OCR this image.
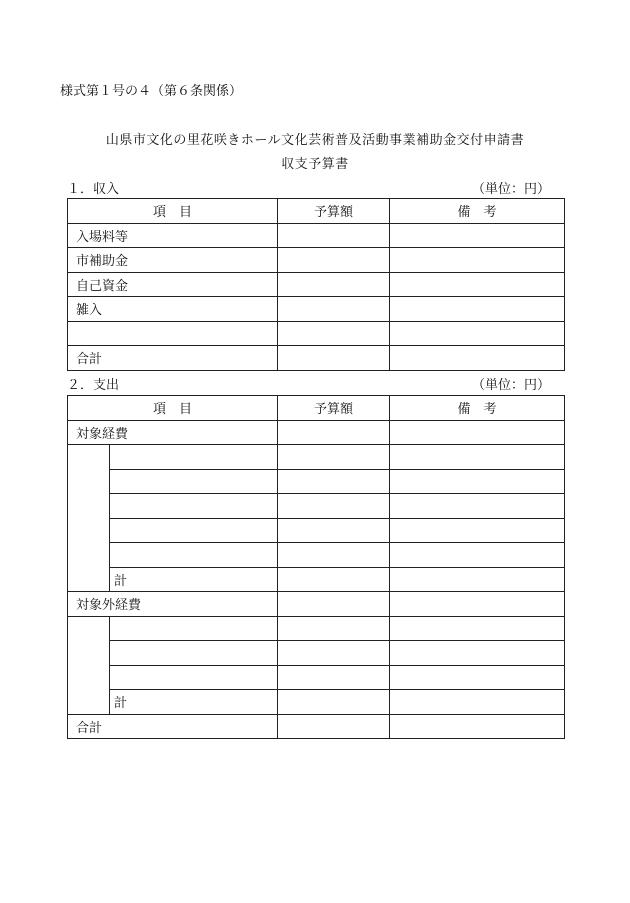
様式第１号の４（第６条関係）
山県市文化の里花咲きホール文化芸術普及活動事業補助金交付申請書
収支予算書
１．収入	（単位：円）
項　目	予算額	備　考
入場料等		
市補助金		
自己資金		
雑入		

合計		
２．支出	（単位：円）
項　目		予算額	備　考
対象経費			

	計		
対象外経費			

	計		
合計			
